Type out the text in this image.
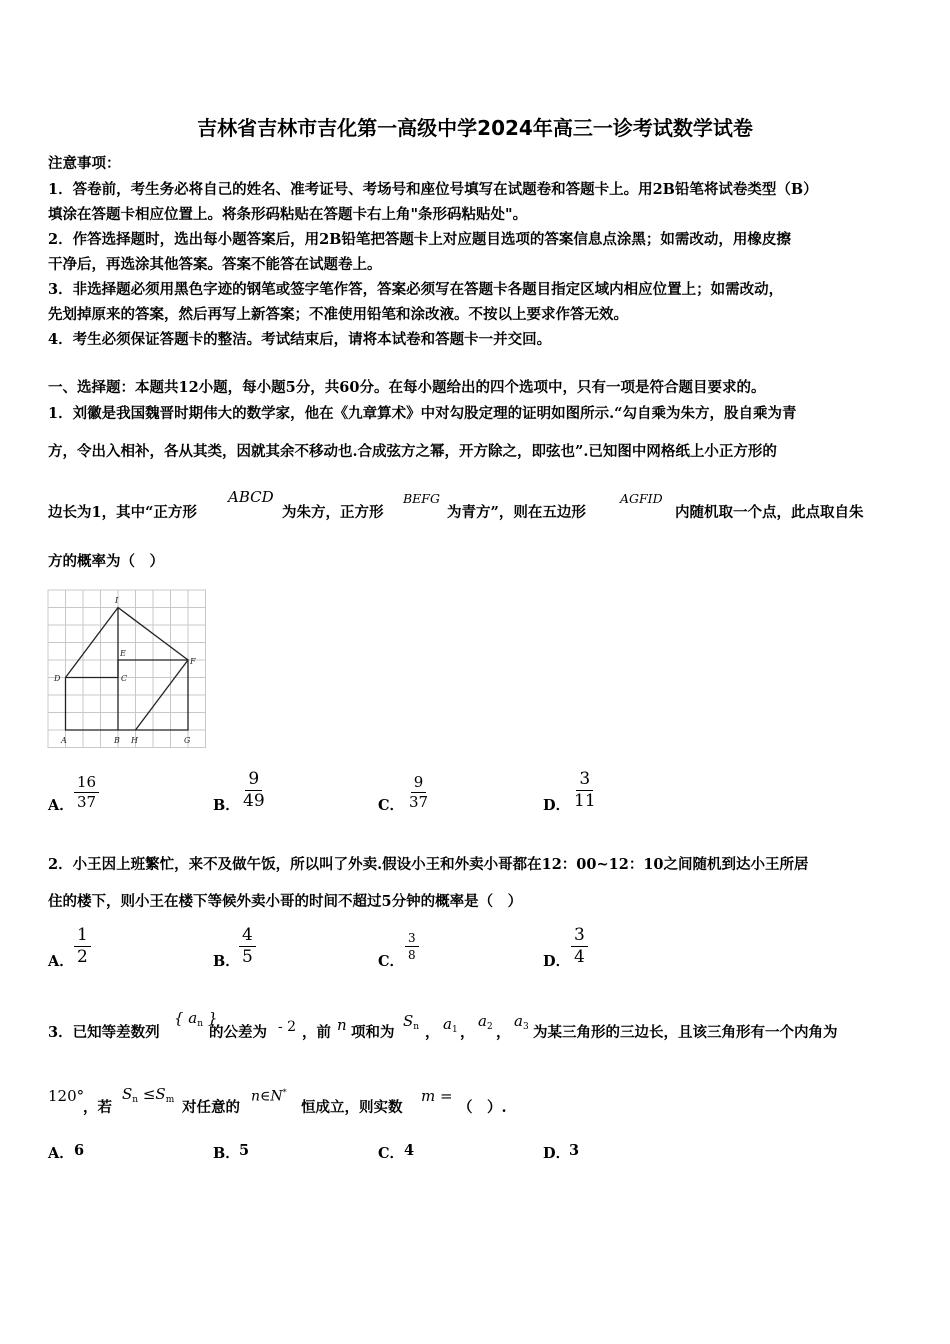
吉林省吉林市吉化第一高级中学2024年高三一诊考试数学试卷
注意事项：
1．答卷前，考生务必将自己的姓名、准考证号、考场号和座位号填写在试题卷和答题卡上。用2B铅笔将试卷类型（B）
填涂在答题卡相应位置上。将条形码粘贴在答题卡右上角"条形码粘贴处"。
2．作答选择题时，选出每小题答案后，用2B铅笔把答题卡上对应题目选项的答案信息点涂黑；如需改动，用橡皮擦
干净后，再选涂其他答案。答案不能答在试题卷上。
3．非选择题必须用黑色字迹的钢笔或签字笔作答，答案必须写在答题卡各题目指定区域内相应位置上；如需改动，
先划掉原来的答案，然后再写上新答案；不准使用铅笔和涂改液。不按以上要求作答无效。
4．考生必须保证答题卡的整洁。考试结束后，请将本试卷和答题卡一并交回。
一、选择题：本题共12小题，每小题5分，共60分。在每小题给出的四个选项中，只有一项是符合题目要求的。
1．刘徽是我国魏晋时期伟大的数学家，他在《九章算术》中对勾股定理的证明如图所示.“勾自乘为朱方，股自乘为青
方，令出入相补，各从其类，因就其余不移动也.合成弦方之幂，开方除之，即弦也”.已知图中网格纸上小正方形的
边长为1，其中“正方形
ABCD
为朱方，正方形
BEFG
为青方”，则在五边形
AGFID
内随机取一个点，此点取自朱
方的概率为（　）
I
E
F
D	C
A	B H	G
A． $\frac{16}{37}$	B． $\frac{9}{49}$	C． $\frac{9}{37}$	D． $\frac{3}{11}$
2．小王因上班繁忙，来不及做午饭，所以叫了外卖.假设小王和外卖小哥都在12：00~12：10之间随机到达小王所居
住的楼下，则小王在楼下等候外卖小哥的时间不超过5分钟的概率是（　）
A． $\frac{1}{2}$	B． $\frac{4}{5}$	C．
$\frac{3}{8}$
D． $\frac{3}{4}$
3．已知等差数列
{ $a_n$ }
的公差为 - 2 ，前 n 项和为
$S_n$ ， $a_1$ ，
$a_2$ ，
$a_3$ 为某三角形的三边长，且该三角形有一个内角为
120°
，若
$S_n \le S_m$ 对任意的
n∈N*
恒成立，则实数
m =
（　）.
A． 6	B． 5	C． 4	D．
3
